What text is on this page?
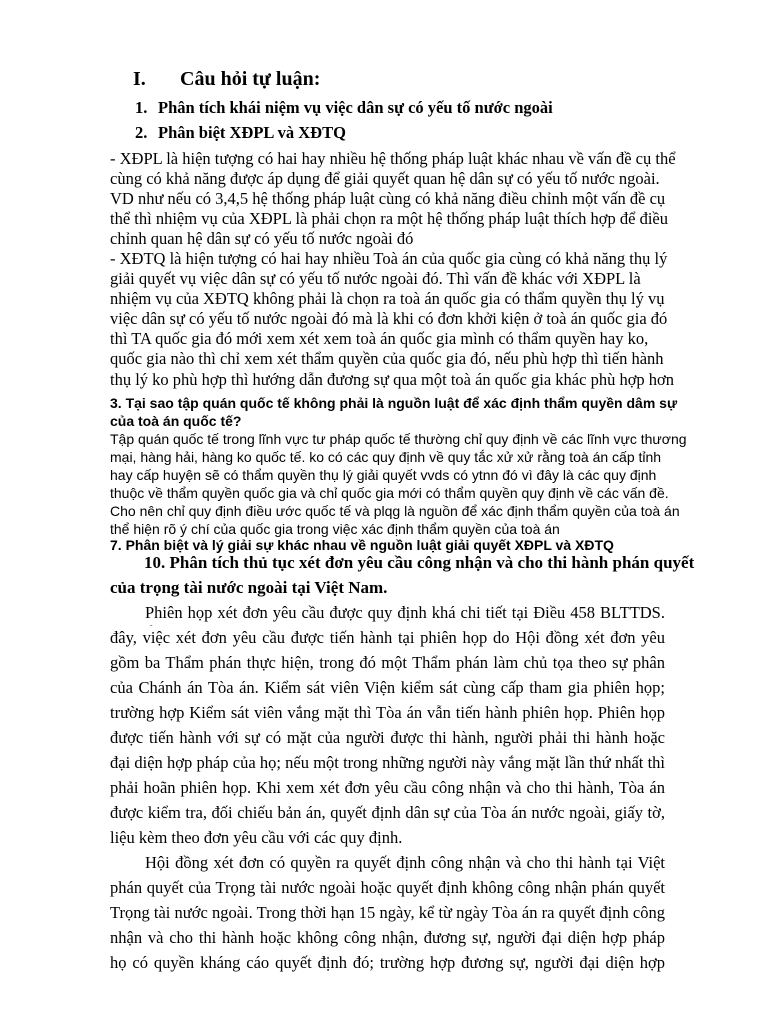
I. Câu hỏi tự luận:
1. Phân tích khái niệm vụ việc dân sự có yếu tố nước ngoài
2. Phân biệt XĐPL và XĐTQ
- XĐPL là hiện tượng có hai hay nhiều hệ thống pháp luật khác nhau về vấn đề cụ thể
cùng có khả năng được áp dụng để giải quyết quan hệ dân sự có yếu tố nước ngoài.
VD như nếu có 3,4,5 hệ thống pháp luật cùng có khả năng điều chỉnh một vấn đề cụ
thể thì nhiệm vụ của XĐPL là phải chọn ra một hệ thống pháp luật thích hợp để điều
chỉnh quan hệ dân sự có yếu tố nước ngoài đó
- XĐTQ là hiện tượng có hai hay nhiều Toà án của quốc gia cùng có khả năng thụ lý
giải quyết vụ việc dân sự có yếu tố nước ngoài đó. Thì vấn đề khác với XĐPL là
nhiệm vụ của XĐTQ không phải là chọn ra toà án quốc gia có thẩm quyền thụ lý vụ
việc dân sự có yếu tố nước ngoài đó mà là khi có đơn khởi kiện ở toà án quốc gia đó
thì TA quốc gia đó mới xem xét xem toà án quốc gia mình có thẩm quyền hay ko,
quốc gia nào thì chỉ xem xét thẩm quyền của quốc gia đó, nếu phù hợp thì tiến hành
3. Tại sao tập quán quốc tế không phải là nguồn luật để xác định thẩm quyền dâm sự
của toà án quốc tế?
Tập quán quốc tế trong lĩnh vực tư pháp quốc tế thường chỉ quy định về các lĩnh vực thương
mại, hàng hải, hàng ko quốc tế. ko có các quy định về quy tắc xử xử rằng toà án cấp tỉnh
hay cấp huyện sẽ có thẩm quyền thụ lý giải quyết vvds có ytnn đó vì đây là các quy định
thuộc về thẩm quyền quốc gia và chỉ quốc gia mới có thẩm quyền quy định về các vấn đề.
Cho nên chỉ quy định điều ước quốc tế và plqg là nguồn để xác định thẩm quyền của toà án
thể hiện rõ ý chí của quốc gia trong việc xác định thẩm quyền của toà án
7. Phân biệt và lý giải sự khác nhau về nguồn luật giải quyết XĐPL và XĐTQ
10. Phân tích thủ tục xét đơn yêu cầu công nhận và cho thi hành phán quyết
của trọng tài nước ngoài tại Việt Nam.
Phiên họp xét đơn yêu cầu được quy định khá chi tiết tại Điều 458 BLTTDS.
đây, việc xét đơn yêu cầu được tiến hành tại phiên họp do Hội đồng xét đơn yêu
gồm ba Thẩm phán thực hiện, trong đó một Thẩm phán làm chủ tọa theo sự phân
của Chánh án Tòa án. Kiểm sát viên Viện kiểm sát cùng cấp tham gia phiên họp;
trường hợp Kiểm sát viên vắng mặt thì Tòa án vẫn tiến hành phiên họp. Phiên họp
được tiến hành với sự có mặt của người được thi hành, người phải thi hành hoặc
đại diện hợp pháp của họ; nếu một trong những người này vắng mặt lần thứ nhất thì
phải hoãn phiên họp. Khi xem xét đơn yêu cầu công nhận và cho thi hành, Tòa án
được kiểm tra, đối chiếu bản án, quyết định dân sự của Tòa án nước ngoài, giấy tờ,
liệu kèm theo đơn yêu cầu với các quy định.
Hội đồng xét đơn có quyền ra quyết định công nhận và cho thi hành tại Việt
phán quyết của Trọng tài nước ngoài hoặc quyết định không công nhận phán quyết
Trọng tài nước ngoài. Trong thời hạn 15 ngày, kể từ ngày Tòa án ra quyết định công
nhận và cho thi hành hoặc không công nhận, đương sự, người đại diện hợp pháp
họ có quyền kháng cáo quyết định đó; trường hợp đương sự, người đại diện hợp
thụ lý ko phù hợp thì hướng dẫn đương sự qua một toà án quốc gia khác phù hợp hơn
